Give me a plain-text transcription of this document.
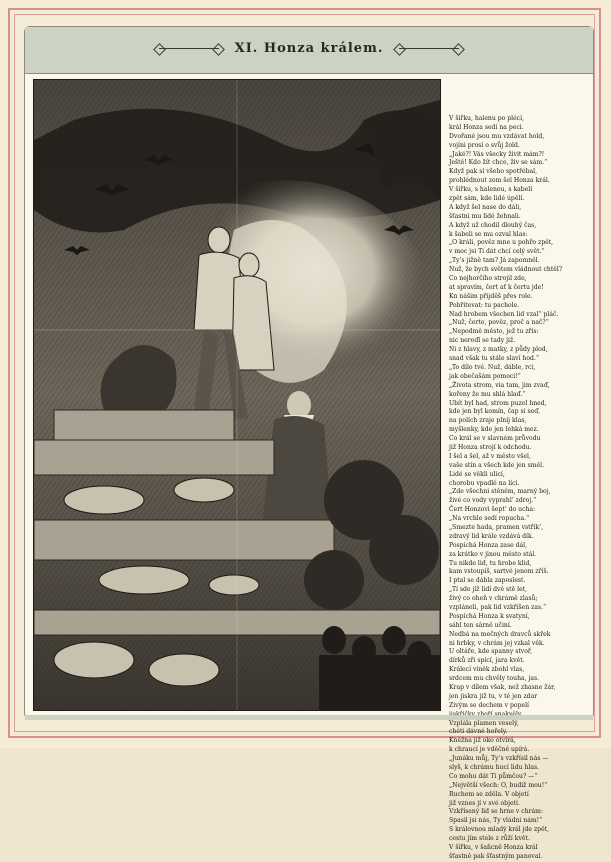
XI. Honza králem.
V šířku, halenu po plécí,
král Honza sedí na peci.
Dvořané jsou mu vzdávat hold,
vojíni prosí o svůj žold.
„Jaké?! Vás všecky živit mám?!
Ještě! Kdo žít chce, živ se sám.“
Když pak si všeho spotřébal,
prohlédnout zem šel Honza král.
V šířku, s halenou, s kabelí
zpět sám, kde lidé úpělí.
A když šel nase do dáli,
šťastni mu lidé žehnali.
A když už chodil dlouhý čas,
k šabeli se mu ozval hlas:
„O králi, pověz mne u pohřo zpět,
v moc jsi Ti dát chcí celý svět.“
„Ty’s jižně tam? Já zapomněl.
Nuž, že bych světem vládnout chtěl?
Co nejhorčího strojil zde,
at spravím, čert ať k čertu jde!
Kn nášim přijděš přes role.
Pobřitevat: tu pachole.
Nad hrobem všechen lid vzal“ pláč.
„Nuž, čerte, pověz, proč a nač?“
„Nepodmě město, jež tu zřís:
nic neroďí se tady již.
Ni z hlavy, z matky, z půdy plod,
snad však tu stále slaví hod.“
„To dílo tvé. Nuž, dáble, rci,
jak obečašám pomoci!“
„Života strom, via tam, jim zvaď,
kořeny že mu shlá hlaď.“
Ubít byl had, strom puzel hned,
kde jen byl komín, čap si seď,
na polích zraje plnij klas,
myšlenky, kde jen lehká mez.
Co král se v slavném průvodu
již Honza strojí k odchodu.
I šel a šel, až v město všel,
vaše stín a všech kde jen smél.
Lidé se věkli ulicí,
chorobu vpadlé na líci.
„Zde všechni stěněm, marný boj,
živé co vody vyprahl’ zdroj.“
Čert Honzovi šept’ do ucha:
„Na vrchle sedí ropucha.“
„Smezte hada, pramen vstřík’,
zdravý lid krále vzdává dík.
Pospíchá Honza zase dál,
za krátko v jinou město stál.
Tu nikde lid, tu hrobe klid,
kam vstoupíš, sartvé jenom zříš.
I ptal se dábla zaposlest.
„Tí sde jíž lidí dvě stě let,
živý co oheň v chrámě zlasů;
vzpláneli, pak lid vzkříšen zas.“
Pospíchá Honza k svatyní,
sáhl ten sárně učiní.
Nedbá na mečných dravců skřek
ni hrbky, v chrám jej vzkal věk.
U oltáře, kde spanny stvoř,
dírků zři spící, jara květ.
Králecí víněk zbohl vlas,
srdcem mu chvěly touha, jas.
Krap v dílem však, než zhasne žár,
jen jiskra již tu, v té jen zdar
Zivým se dechem v popelí
Vzplála plamen veselý,
chéti dávné hořely.
Kněžna již oko otvírá,
k chraucí je vděčně upírá.
„Junáku můj, Ty’s vzkřísil nás —
slyš, k chrámu hucí lidu hlas.
Co mohu dát Ti půmčou? —“
„Největší všech: O, budiž mou!“
Ruchem se zděla. V objetí
již vznes jí v své objetí.
Vzkřísený lid se hrne v chrám:
Spasil jsi nás, Ty vládni nám!“
S královnou mladý král jde zpět,
cestu jím stele z růží květ.
V šířku, v šaňcně Honza král
šťastně pak šťastným panoval.
